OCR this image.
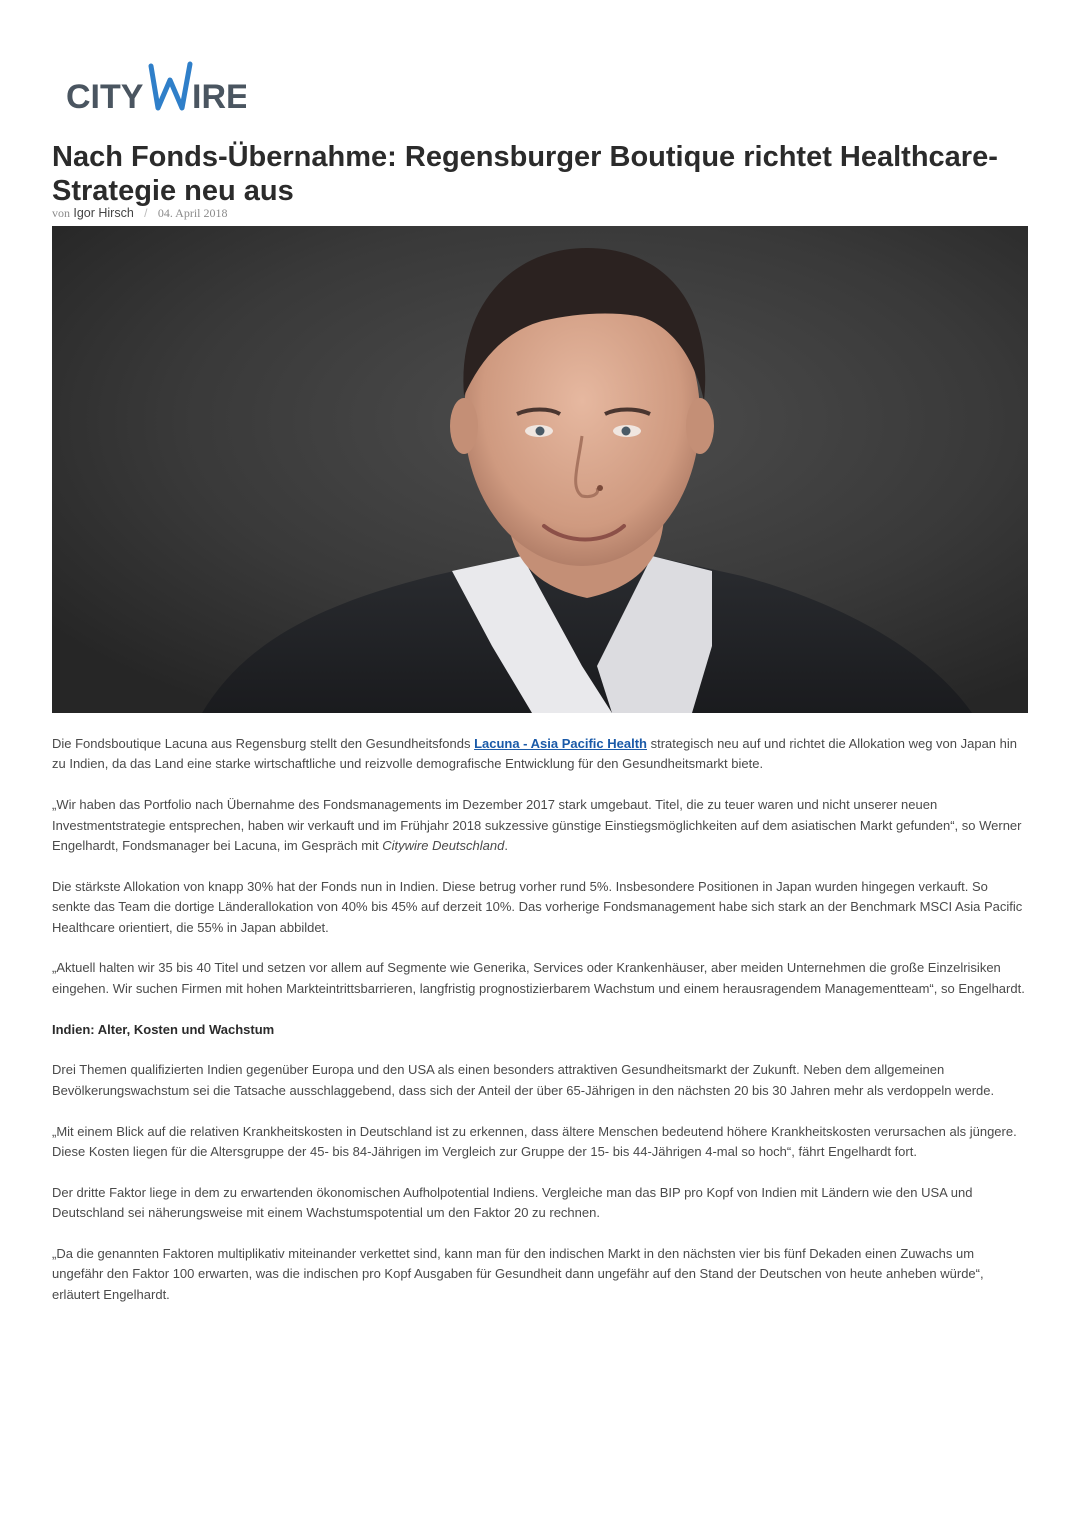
CITY IRE
Nach Fonds-Übernahme: Regensburger Boutique richtet Healthcare-Strategie neu aus
von Igor Hirsch / 04. April 2018

Die Fondsboutique Lacuna aus Regensburg stellt den Gesundheitsfonds Lacuna - Asia Pacific Health strategisch neu auf und richtet die Allokation weg von Japan hin zu Indien, da das Land eine starke wirtschaftliche und reizvolle demografische Entwicklung für den Gesundheitsmarkt biete.

„Wir haben das Portfolio nach Übernahme des Fondsmanagements im Dezember 2017 stark umgebaut. Titel, die zu teuer waren und nicht unserer neuen Investmentstrategie entsprechen, haben wir verkauft und im Frühjahr 2018 sukzessive günstige Einstiegsmöglichkeiten auf dem asiatischen Markt gefunden“, so Werner Engelhardt, Fondsmanager bei Lacuna, im Gespräch mit Citywire Deutschland.

Die stärkste Allokation von knapp 30% hat der Fonds nun in Indien. Diese betrug vorher rund 5%. Insbesondere Positionen in Japan wurden hingegen verkauft. So senkte das Team die dortige Länderallokation von 40% bis 45% auf derzeit 10%. Das vorherige Fondsmanagement habe sich stark an der Benchmark MSCI Asia Pacific Healthcare orientiert, die 55% in Japan abbildet.

„Aktuell halten wir 35 bis 40 Titel und setzen vor allem auf Segmente wie Generika, Services oder Krankenhäuser, aber meiden Unternehmen die große Einzelrisiken eingehen. Wir suchen Firmen mit hohen Markteintrittsbarrieren, langfristig prognostizierbarem Wachstum und einem herausragendem Managementteam“, so Engelhardt.

Indien: Alter, Kosten und Wachstum

Drei Themen qualifizierten Indien gegenüber Europa und den USA als einen besonders attraktiven Gesundheitsmarkt der Zukunft. Neben dem allgemeinen Bevölkerungswachstum sei die Tatsache ausschlaggebend, dass sich der Anteil der über 65-Jährigen in den nächsten 20 bis 30 Jahren mehr als verdoppeln werde.

„Mit einem Blick auf die relativen Krankheitskosten in Deutschland ist zu erkennen, dass ältere Menschen bedeutend höhere Krankheitskosten verursachen als jüngere. Diese Kosten liegen für die Altersgruppe der 45- bis 84-Jährigen im Vergleich zur Gruppe der 15- bis 44-Jährigen 4-mal so hoch“, fährt Engelhardt fort.

Der dritte Faktor liege in dem zu erwartenden ökonomischen Aufholpotential Indiens. Vergleiche man das BIP pro Kopf von Indien mit Ländern wie den USA und Deutschland sei näherungsweise mit einem Wachstumspotential um den Faktor 20 zu rechnen.

„Da die genannten Faktoren multiplikativ miteinander verkettet sind, kann man für den indischen Markt in den nächsten vier bis fünf Dekaden einen Zuwachs um ungefähr den Faktor 100 erwarten, was die indischen pro Kopf Ausgaben für Gesundheit dann ungefähr auf den Stand der Deutschen von heute anheben würde“, erläutert Engelhardt.
